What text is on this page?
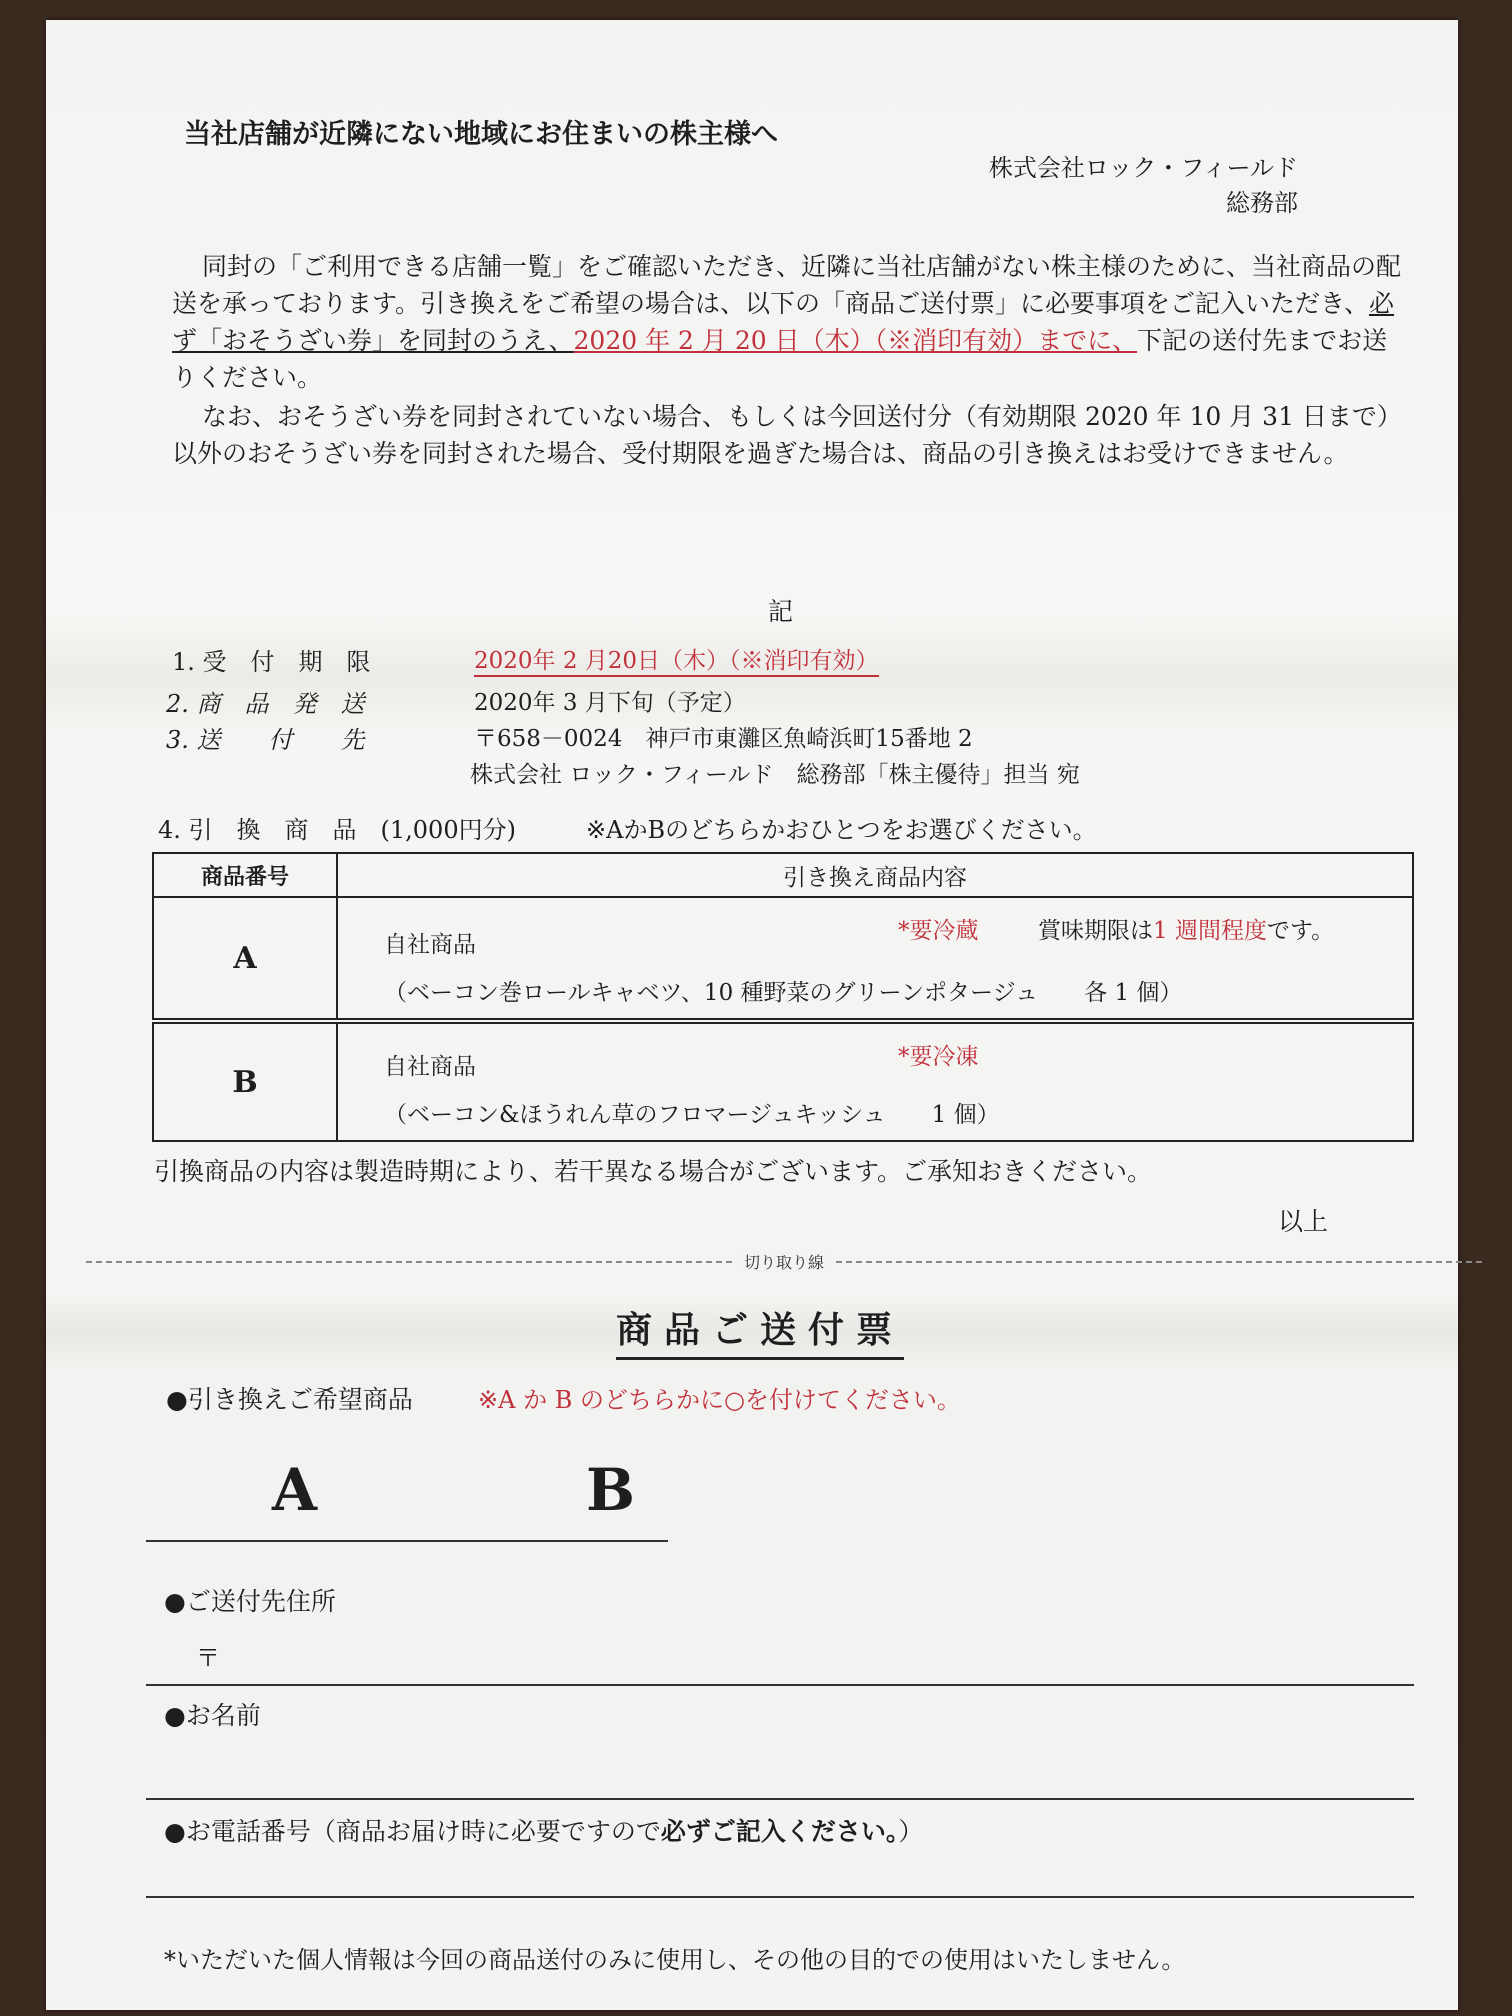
当社店舗が近隣にない地域にお住まいの株主様へ
株式会社ロック・フィールド
総務部
同封の「ご利用できる店舗一覧」をご確認いただき、近隣に当社店舗がない株主様のために、当社商品の配送を承っております。引き換えをご希望の場合は、以下の「商品ご送付票」に必要事項をご記入いただき、必ず「おそうざい券」を同封のうえ、2020 年 2 月 20 日（木）（※消印有効）までに、下記の送付先までお送りください。
なお、おそうざい券を同封されていない場合、もしくは今回送付分（有効期限 2020 年 10 月 31 日まで）以外のおそうざい券を同封された場合、受付期限を過ぎた場合は、商品の引き換えはお受けできません。
記
1. 受　付　期　限	2020年 2 月20日（木）（※消印有効）
2. 商　品　発　送	2020年 3 月下旬（予定）
3. 送　　付　　先	〒658－0024　神戸市東灘区魚崎浜町15番地 2
株式会社 ロック・フィールド　総務部「株主優待」担当 宛
4. 引　換　商　品　(1,000円分)	※AかBのどちらかおひとつをお選びください。
商品番号	引き換え商品内容
A	*要冷蔵 賞味期限は1 週間程度です。
自社商品
（ベーコン巻ロールキャベツ、10 種野菜のグリーンポタージュ　　各 1 個）

B	*要冷凍
自社商品
（ベーコン&ほうれん草のフロマージュキッシュ　　1 個）
引換商品の内容は製造時期により、若干異なる場合がございます。ご承知おきください。
以上
切り取り線
商品ご送付票
●引き換えご希望商品	※A か B のどちらかに○を付けてください。
A	B
●ご送付先住所
〒
●お名前
●お電話番号（商品お届け時に必要ですので必ずご記入ください。）
*いただいた個人情報は今回の商品送付のみに使用し、その他の目的での使用はいたしません。
